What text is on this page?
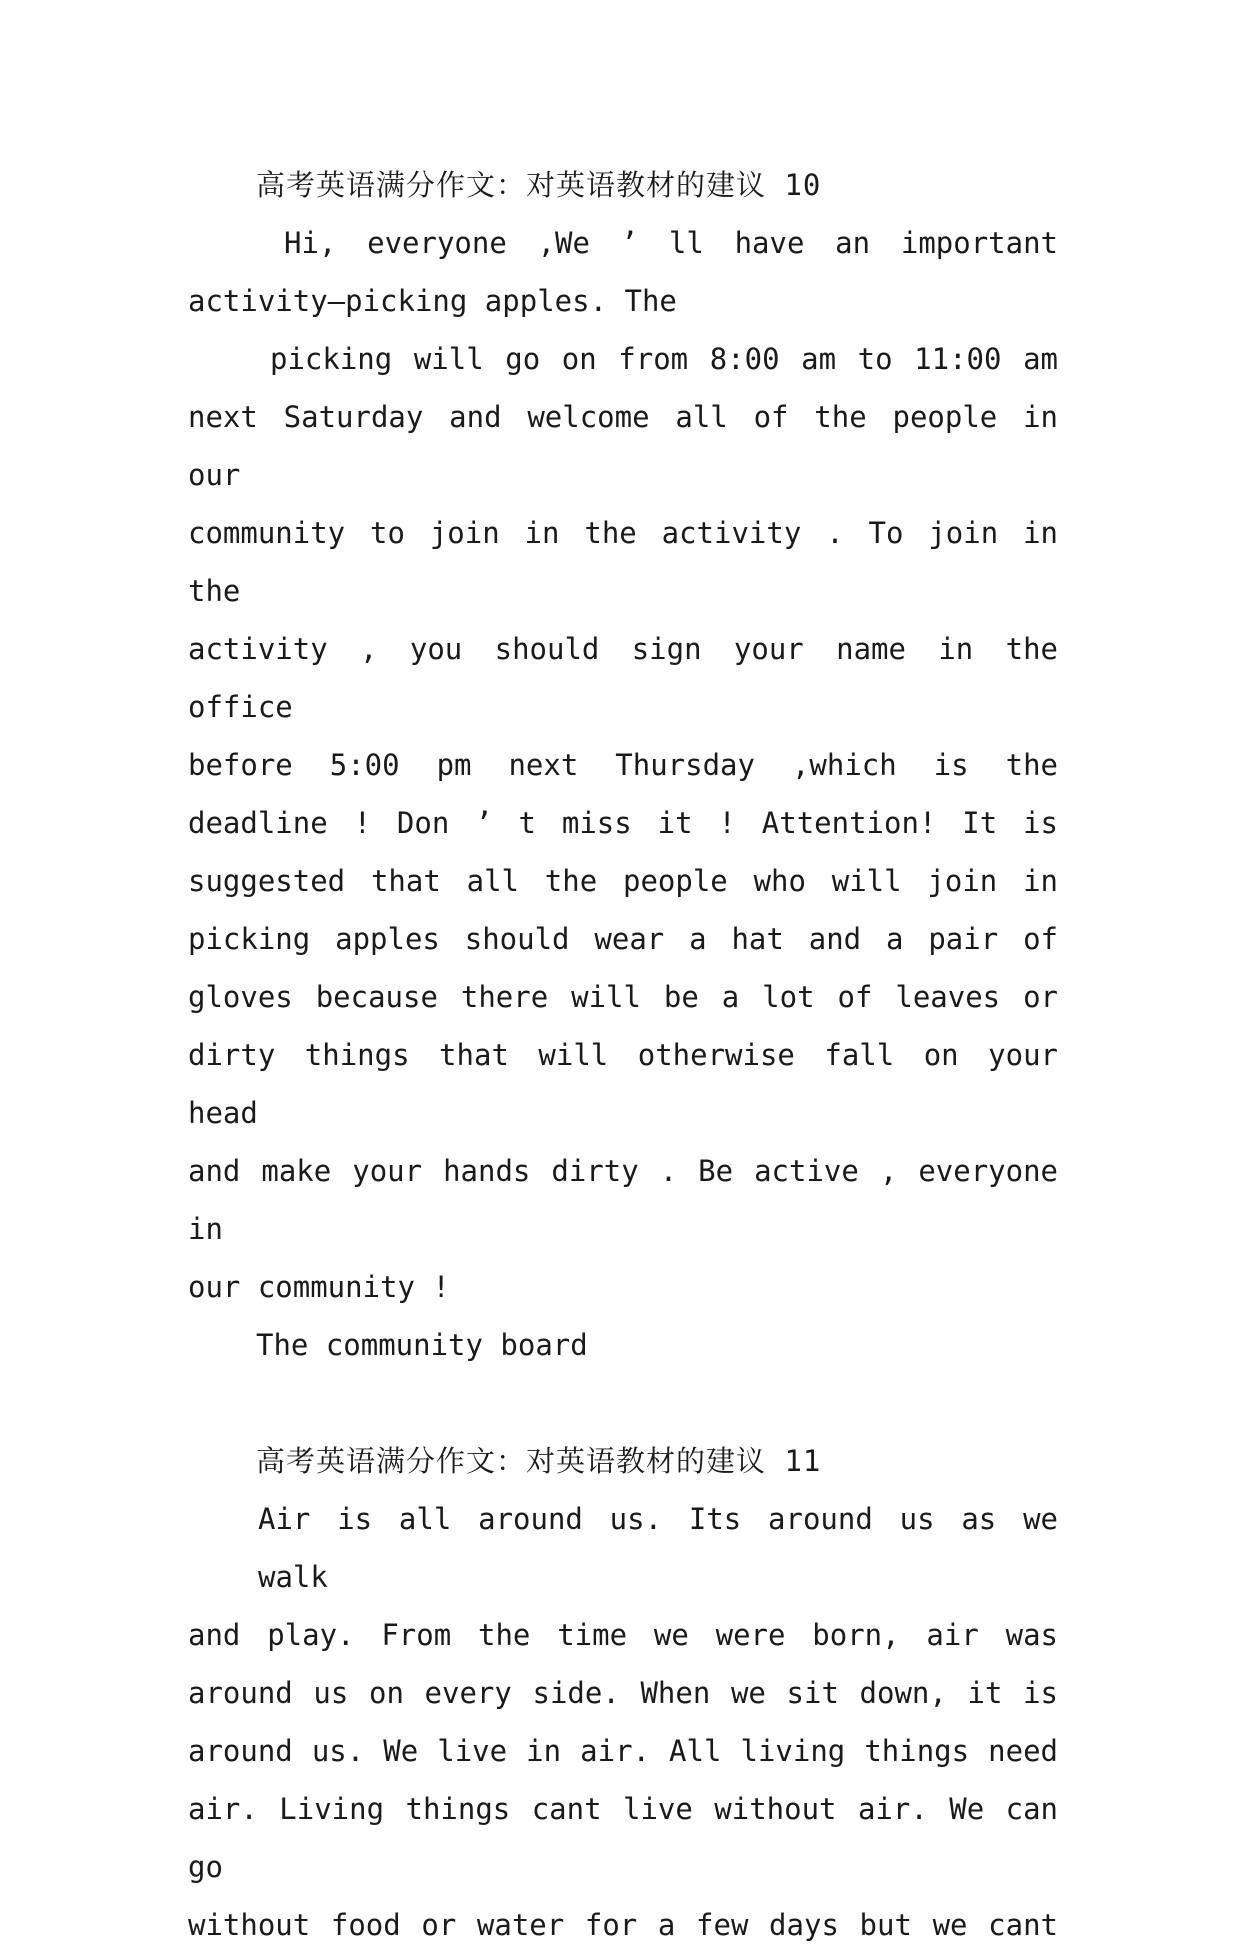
高考英语满分作文：对英语教材的建议 10

Hi, everyone ,We ’ ll have an important
activity—picking apples. The

picking will go on from 8:00 am to 11:00 am
next Saturday and welcome all of the people in our
community to join in the activity . To join in the
activity , you should sign your name in the office
before 5:00 pm next Thursday ,which is the
deadline ! Don ’ t miss it ! Attention! It is
suggested that all the people who will join in
picking apples should wear a hat and a pair of
gloves because there will be a lot of leaves or
dirty things that will otherwise fall on your head
and make your hands dirty . Be active , everyone in
our community !

The community board

高考英语满分作文：对英语教材的建议 11

Air is all around us. Its around us as we walk
and play. From the time we were born, air was
around us on every side. When we sit down, it is
around us. We live in air. All living things need
air. Living things cant live without air. We can go
without food or water for a few days but we cant
